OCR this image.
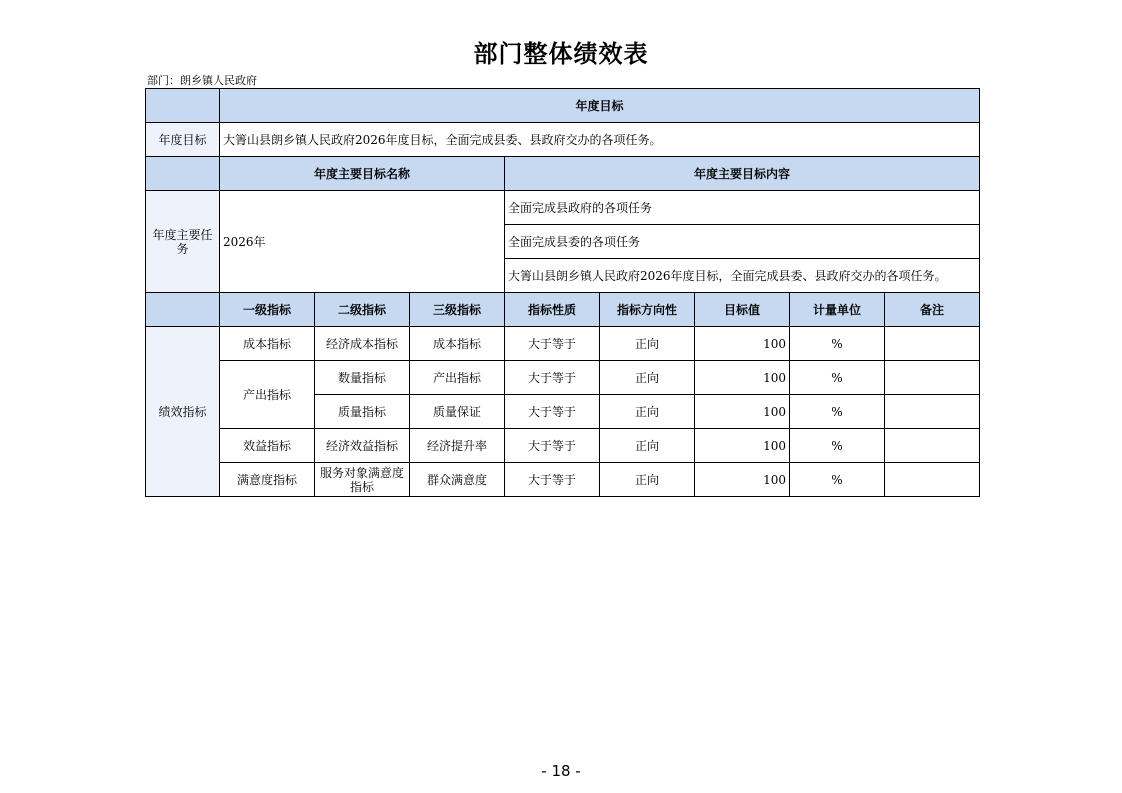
部门整体绩效表
部门：朗乡镇人民政府
	年度目标							
年度目标	大箐山县朗乡镇人民政府2026年度目标，全面完成县委、县政府交办的各项任务。							
	年度主要目标名称			年度主要目标内容				
年度主要任务	2026年			全面完成县政府的各项任务				
				全面完成县委的各项任务				
				大箐山县朗乡镇人民政府2026年度目标，全面完成县委、县政府交办的各项任务。				
	一级指标	二级指标	三级指标	指标性质	指标方向性	目标值	计量单位	备注
绩效指标	成本指标	经济成本指标	成本指标	大于等于	正向	100	%	
	产出指标	数量指标	产出指标	大于等于	正向	100	%	
		质量指标	质量保证	大于等于	正向	100	%	
	效益指标	经济效益指标	经济提升率	大于等于	正向	100	%	
	满意度指标	服务对象满意度指标	群众满意度	大于等于	正向	100	%	
- 18 -
